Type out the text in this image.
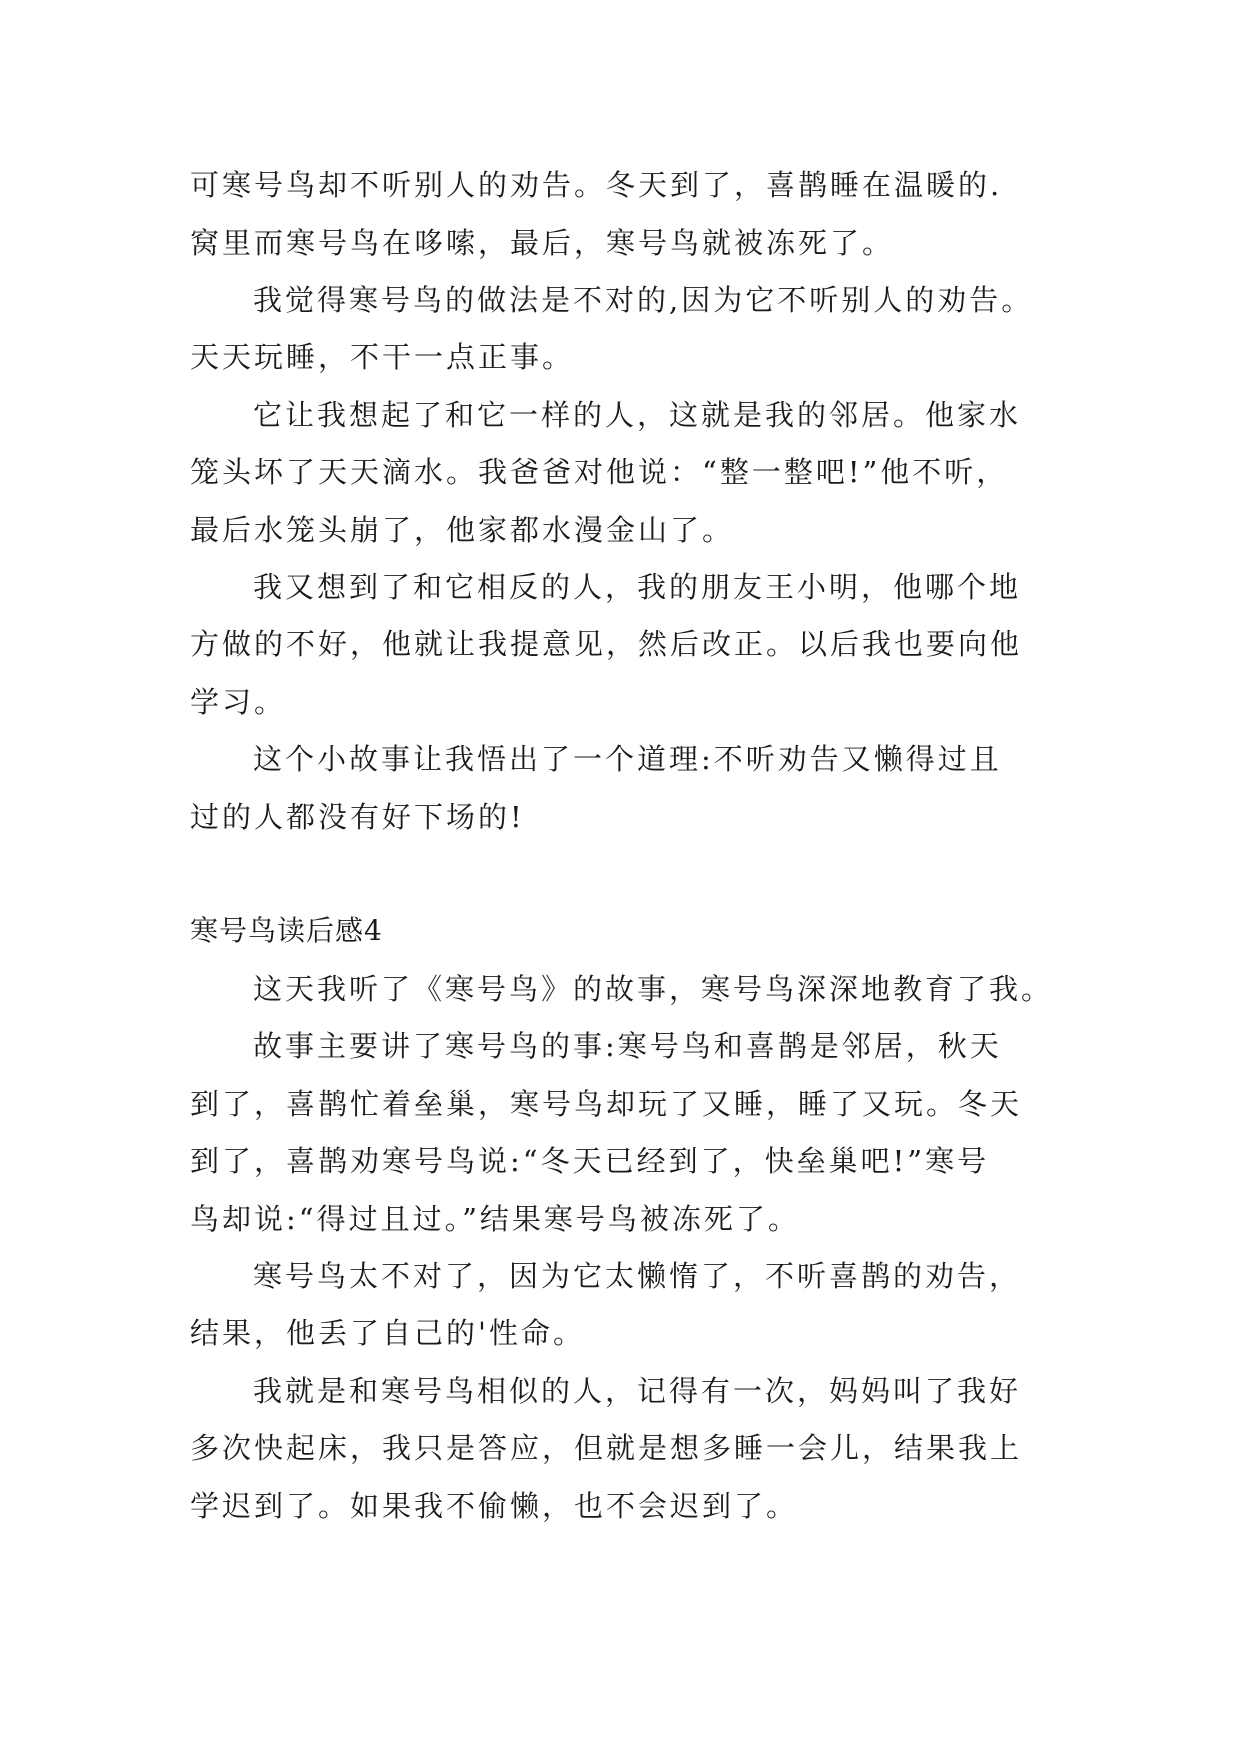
可寒号鸟却不听别人的劝告。冬天到了，喜鹊睡在温暖的.
窝里而寒号鸟在哆嗦，最后，寒号鸟就被冻死了。
我觉得寒号鸟的做法是不对的,因为它不听别人的劝告。
天天玩睡，不干一点正事。
它让我想起了和它一样的人，这就是我的邻居。他家水
笼头坏了天天滴水。我爸爸对他说：“整一整吧!”他不听，
最后水笼头崩了，他家都水漫金山了。
我又想到了和它相反的人，我的朋友王小明，他哪个地
方做的不好，他就让我提意见，然后改正。以后我也要向他
学习。
这个小故事让我悟出了一个道理:不听劝告又懒得过且
过的人都没有好下场的!
寒号鸟读后感4
这天我听了《寒号鸟》的故事，寒号鸟深深地教育了我。
故事主要讲了寒号鸟的事:寒号鸟和喜鹊是邻居，秋天
到了，喜鹊忙着垒巢，寒号鸟却玩了又睡，睡了又玩。冬天
到了，喜鹊劝寒号鸟说:“冬天已经到了，快垒巢吧!”寒号
鸟却说:“得过且过。”结果寒号鸟被冻死了。
寒号鸟太不对了，因为它太懒惰了，不听喜鹊的劝告，
结果，他丢了自己的'性命。
我就是和寒号鸟相似的人，记得有一次，妈妈叫了我好
多次快起床，我只是答应，但就是想多睡一会儿，结果我上
学迟到了。如果我不偷懒，也不会迟到了。
